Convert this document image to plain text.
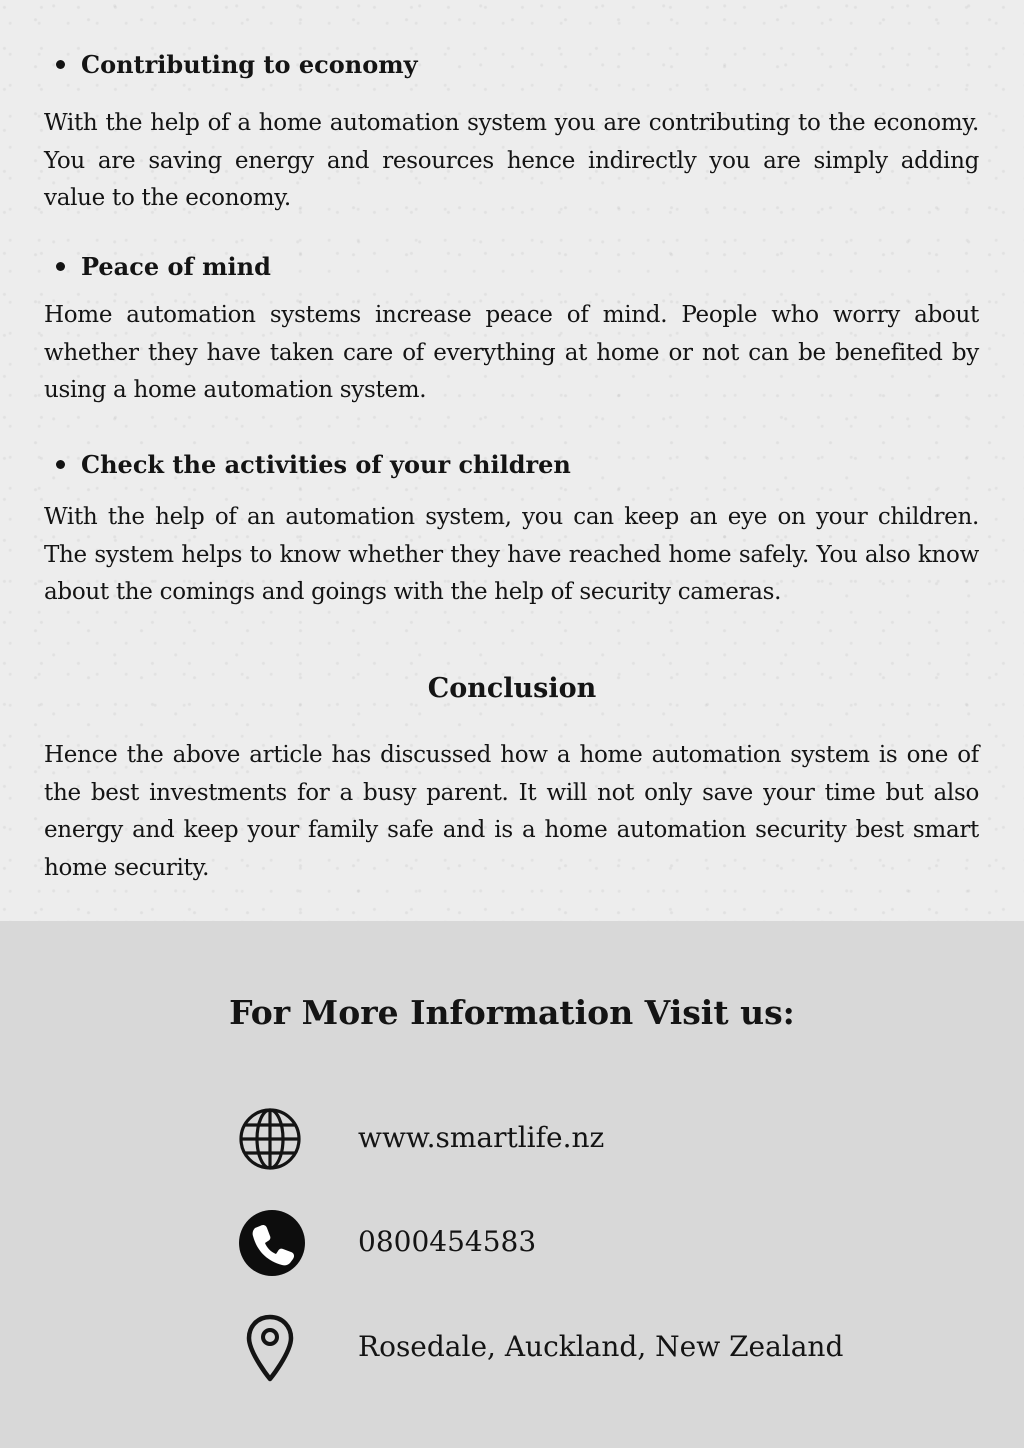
Contributing to economy

With the help of a home automation system you are contributing to the economy. You are saving energy and resources hence indirectly you are simply adding value to the economy.

Peace of mind

Home automation systems increase peace of mind. People who worry about whether they have taken care of everything at home or not can be benefited by using a home automation system.

Check the activities of your children

With the help of an automation system, you can keep an eye on your children. The system helps to know whether they have reached home safely. You also know about the comings and goings with the help of security cameras.

Conclusion

Hence the above article has discussed how a home automation system is one of the best investments for a busy parent. It will not only save your time but also energy and keep your family safe and is a home automation security best smart home security.

For More Information Visit us:
www.smartlife.nz
0800454583
Rosedale, Auckland, New Zealand
